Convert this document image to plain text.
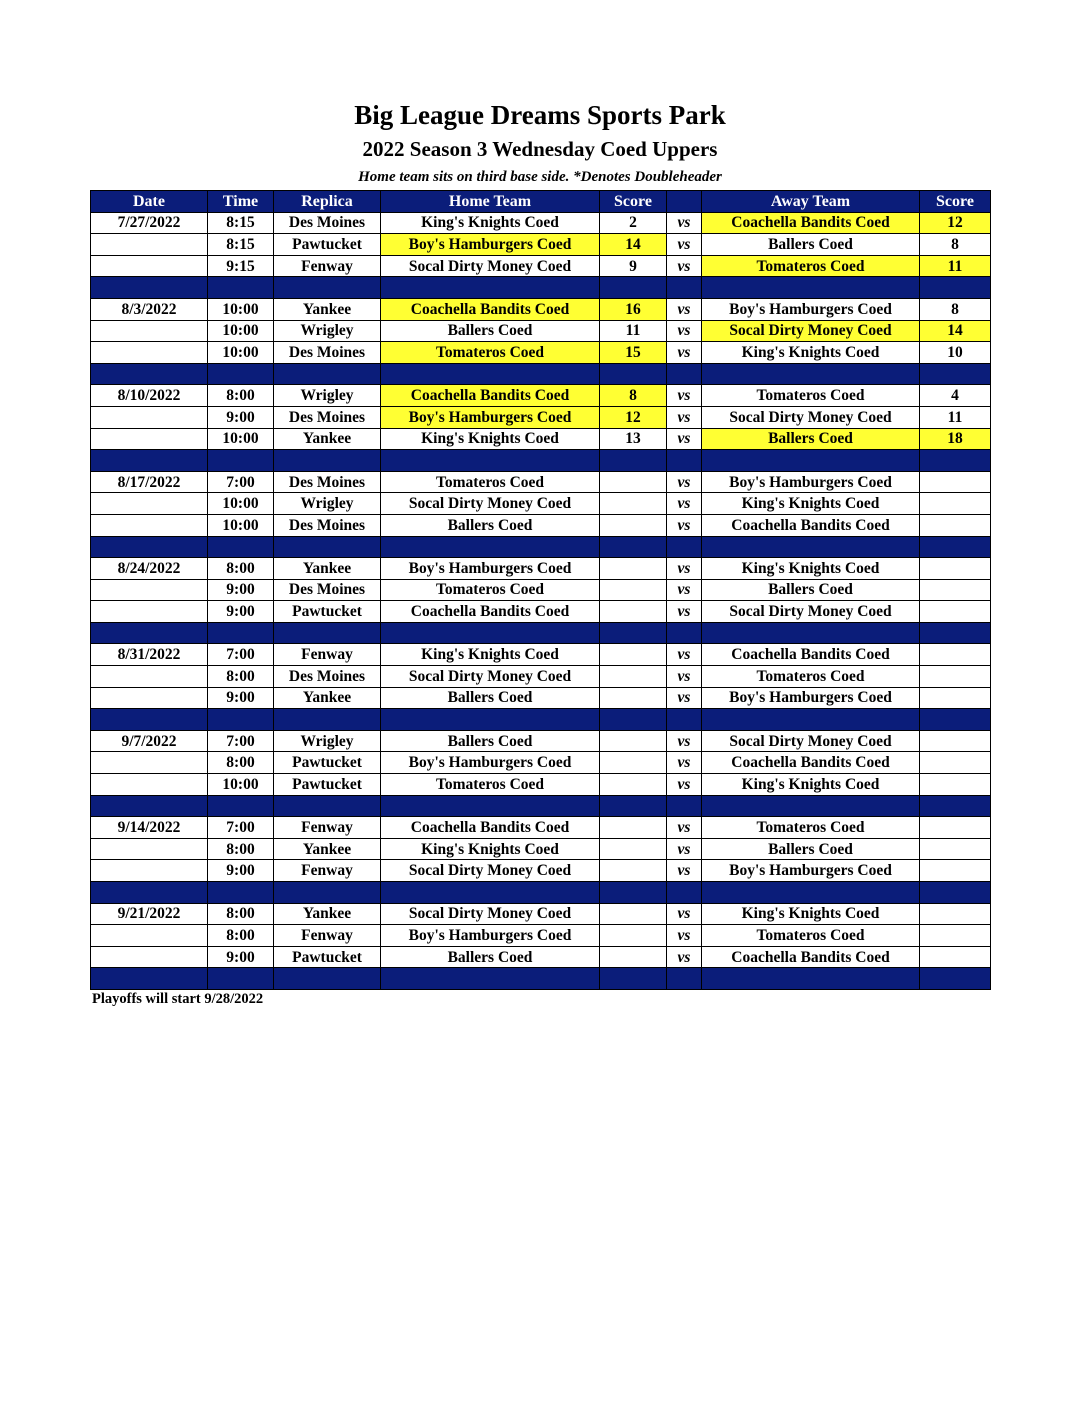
Big League Dreams Sports Park
2022 Season 3 Wednesday Coed Uppers
Home team sits on third base side. *Denotes Doubleheader
Date	Time	Replica	Home Team	Score		Away Team	Score
7/27/2022	8:15	Des Moines	King's Knights Coed	2	vs	Coachella Bandits Coed	12
	8:15	Pawtucket	Boy's Hamburgers Coed	14	vs	Ballers Coed	8
	9:15	Fenway	Socal Dirty Money Coed	9	vs	Tomateros Coed	11

8/3/2022	10:00	Yankee	Coachella Bandits Coed	16	vs	Boy's Hamburgers Coed	8
	10:00	Wrigley	Ballers Coed	11	vs	Socal Dirty Money Coed	14
	10:00	Des Moines	Tomateros Coed	15	vs	King's Knights Coed	10

8/10/2022	8:00	Wrigley	Coachella Bandits Coed	8	vs	Tomateros Coed	4
	9:00	Des Moines	Boy's Hamburgers Coed	12	vs	Socal Dirty Money Coed	11
	10:00	Yankee	King's Knights Coed	13	vs	Ballers Coed	18

8/17/2022	7:00	Des Moines	Tomateros Coed		vs	Boy's Hamburgers Coed	
	10:00	Wrigley	Socal Dirty Money Coed		vs	King's Knights Coed	
	10:00	Des Moines	Ballers Coed		vs	Coachella Bandits Coed	

8/24/2022	8:00	Yankee	Boy's Hamburgers Coed		vs	King's Knights Coed	
	9:00	Des Moines	Tomateros Coed		vs	Ballers Coed	
	9:00	Pawtucket	Coachella Bandits Coed		vs	Socal Dirty Money Coed	

8/31/2022	7:00	Fenway	King's Knights Coed		vs	Coachella Bandits Coed	
	8:00	Des Moines	Socal Dirty Money Coed		vs	Tomateros Coed	
	9:00	Yankee	Ballers Coed		vs	Boy's Hamburgers Coed	

9/7/2022	7:00	Wrigley	Ballers Coed		vs	Socal Dirty Money Coed	
	8:00	Pawtucket	Boy's Hamburgers Coed		vs	Coachella Bandits Coed	
	10:00	Pawtucket	Tomateros Coed		vs	King's Knights Coed	

9/14/2022	7:00	Fenway	Coachella Bandits Coed		vs	Tomateros Coed	
	8:00	Yankee	King's Knights Coed		vs	Ballers Coed	
	9:00	Fenway	Socal Dirty Money Coed		vs	Boy's Hamburgers Coed	

9/21/2022	8:00	Yankee	Socal Dirty Money Coed		vs	King's Knights Coed	
	8:00	Fenway	Boy's Hamburgers Coed		vs	Tomateros Coed	
	9:00	Pawtucket	Ballers Coed		vs	Coachella Bandits Coed	

Playoffs will start 9/28/2022
